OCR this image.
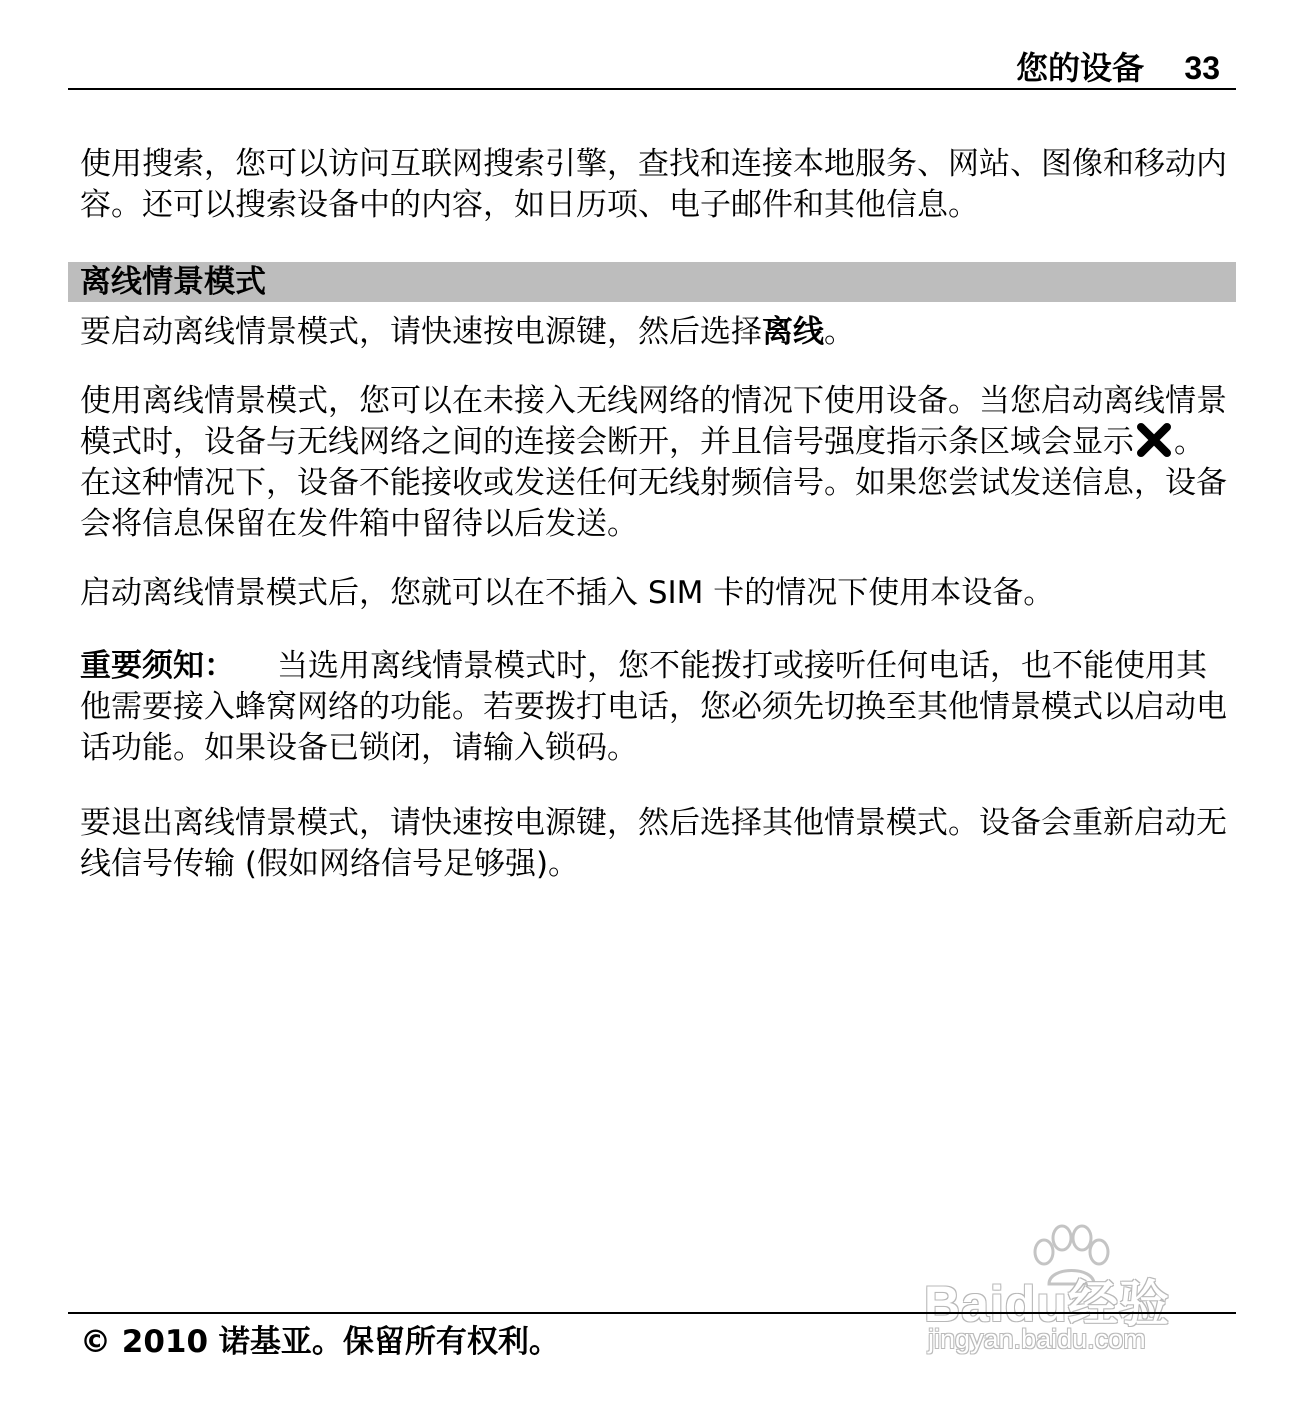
您的设备 33

使用搜索，您可以访问互联网搜索引擎，查找和连接本地服务、网站、图像和移动内容。还可以搜索设备中的内容，如日历项、电子邮件和其他信息。

离线情景模式

要启动离线情景模式，请快速按电源键，然后选择离线。

使用离线情景模式，您可以在未接入无线网络的情况下使用设备。当您启动离线情景模式时，设备与无线网络之间的连接会断开，并且信号强度指示条区域会显示 。在这种情况下，设备不能接收或发送任何无线射频信号。如果您尝试发送信息，设备会将信息保留在发件箱中留待以后发送。

启动离线情景模式后，您就可以在不插入 SIM 卡的情况下使用本设备。

重要须知： 当选用离线情景模式时，您不能拨打或接听任何电话，也不能使用其他需要接入蜂窝网络的功能。若要拨打电话，您必须先切换至其他情景模式以启动电话功能。如果设备已锁闭，请输入锁码。

要退出离线情景模式，请快速按电源键，然后选择其他情景模式。设备会重新启动无线信号传输 (假如网络信号足够强)。

Baidu经验
jingyan.baidu.com
© 2010 诺基亚。保留所有权利。
